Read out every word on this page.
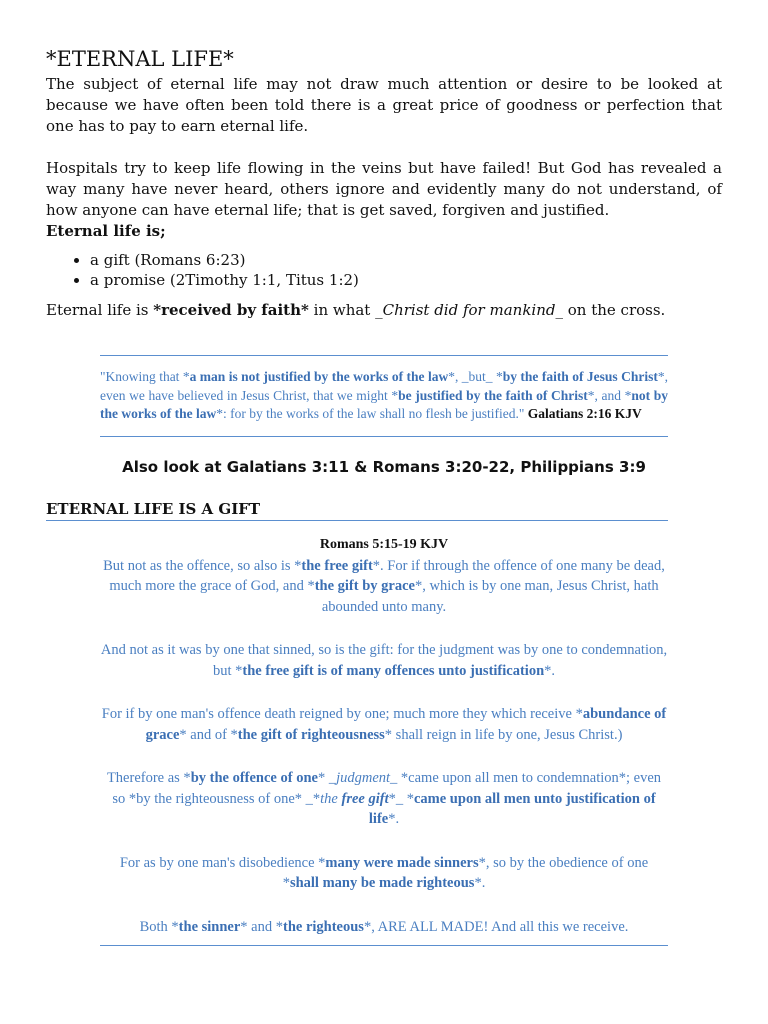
*ETERNAL LIFE*

The subject of eternal life may not draw much attention or desire to be looked at because we have often been told there is a great price of goodness or perfection that one has to pay to earn eternal life.

Hospitals try to keep life flowing in the veins but have failed! But God has revealed a way many have never heard, others ignore and evidently many do not understand, of how anyone can have eternal life; that is get saved, forgiven and justified.

Eternal life is;

• a gift (Romans 6:23)
• a promise (2Timothy 1:1, Titus 1:2)

Eternal life is *received by faith* in what _Christ did for mankind_ on the cross.

"Knowing that *a man is not justified by the works of the law*, _but_ *by the faith of Jesus Christ*, even we have believed in Jesus Christ, that we might *be justified by the faith of Christ*, and *not by the works of the law*: for by the works of the law shall no flesh be justified." Galatians 2:16 KJV
Also look at Galatians 3:11 & Romans 3:20-22, Philippians 3:9
ETERNAL LIFE IS A GIFT

Romans 5:15-19 KJV
But not as the offence, so also is *the free gift*. For if through the offence of one many be dead, much more the grace of God, and *the gift by grace*, which is by one man, Jesus Christ, hath abounded unto many.

And not as it was by one that sinned, so is the gift: for the judgment was by one to condemnation, but *the free gift is of many offences unto justification*.

For if by one man's offence death reigned by one; much more they which receive *abundance of grace* and of *the gift of righteousness* shall reign in life by one, Jesus Christ.)

Therefore as *by the offence of one* _judgment_ *came upon all men to condemnation*; even so *by the righteousness of one* _*the free gift*_ *came upon all men unto justification of life*.

For as by one man's disobedience *many were made sinners*, so by the obedience of one *shall many be made righteous*.

Both *the sinner* and *the righteous*, ARE ALL MADE! And all this we receive.
